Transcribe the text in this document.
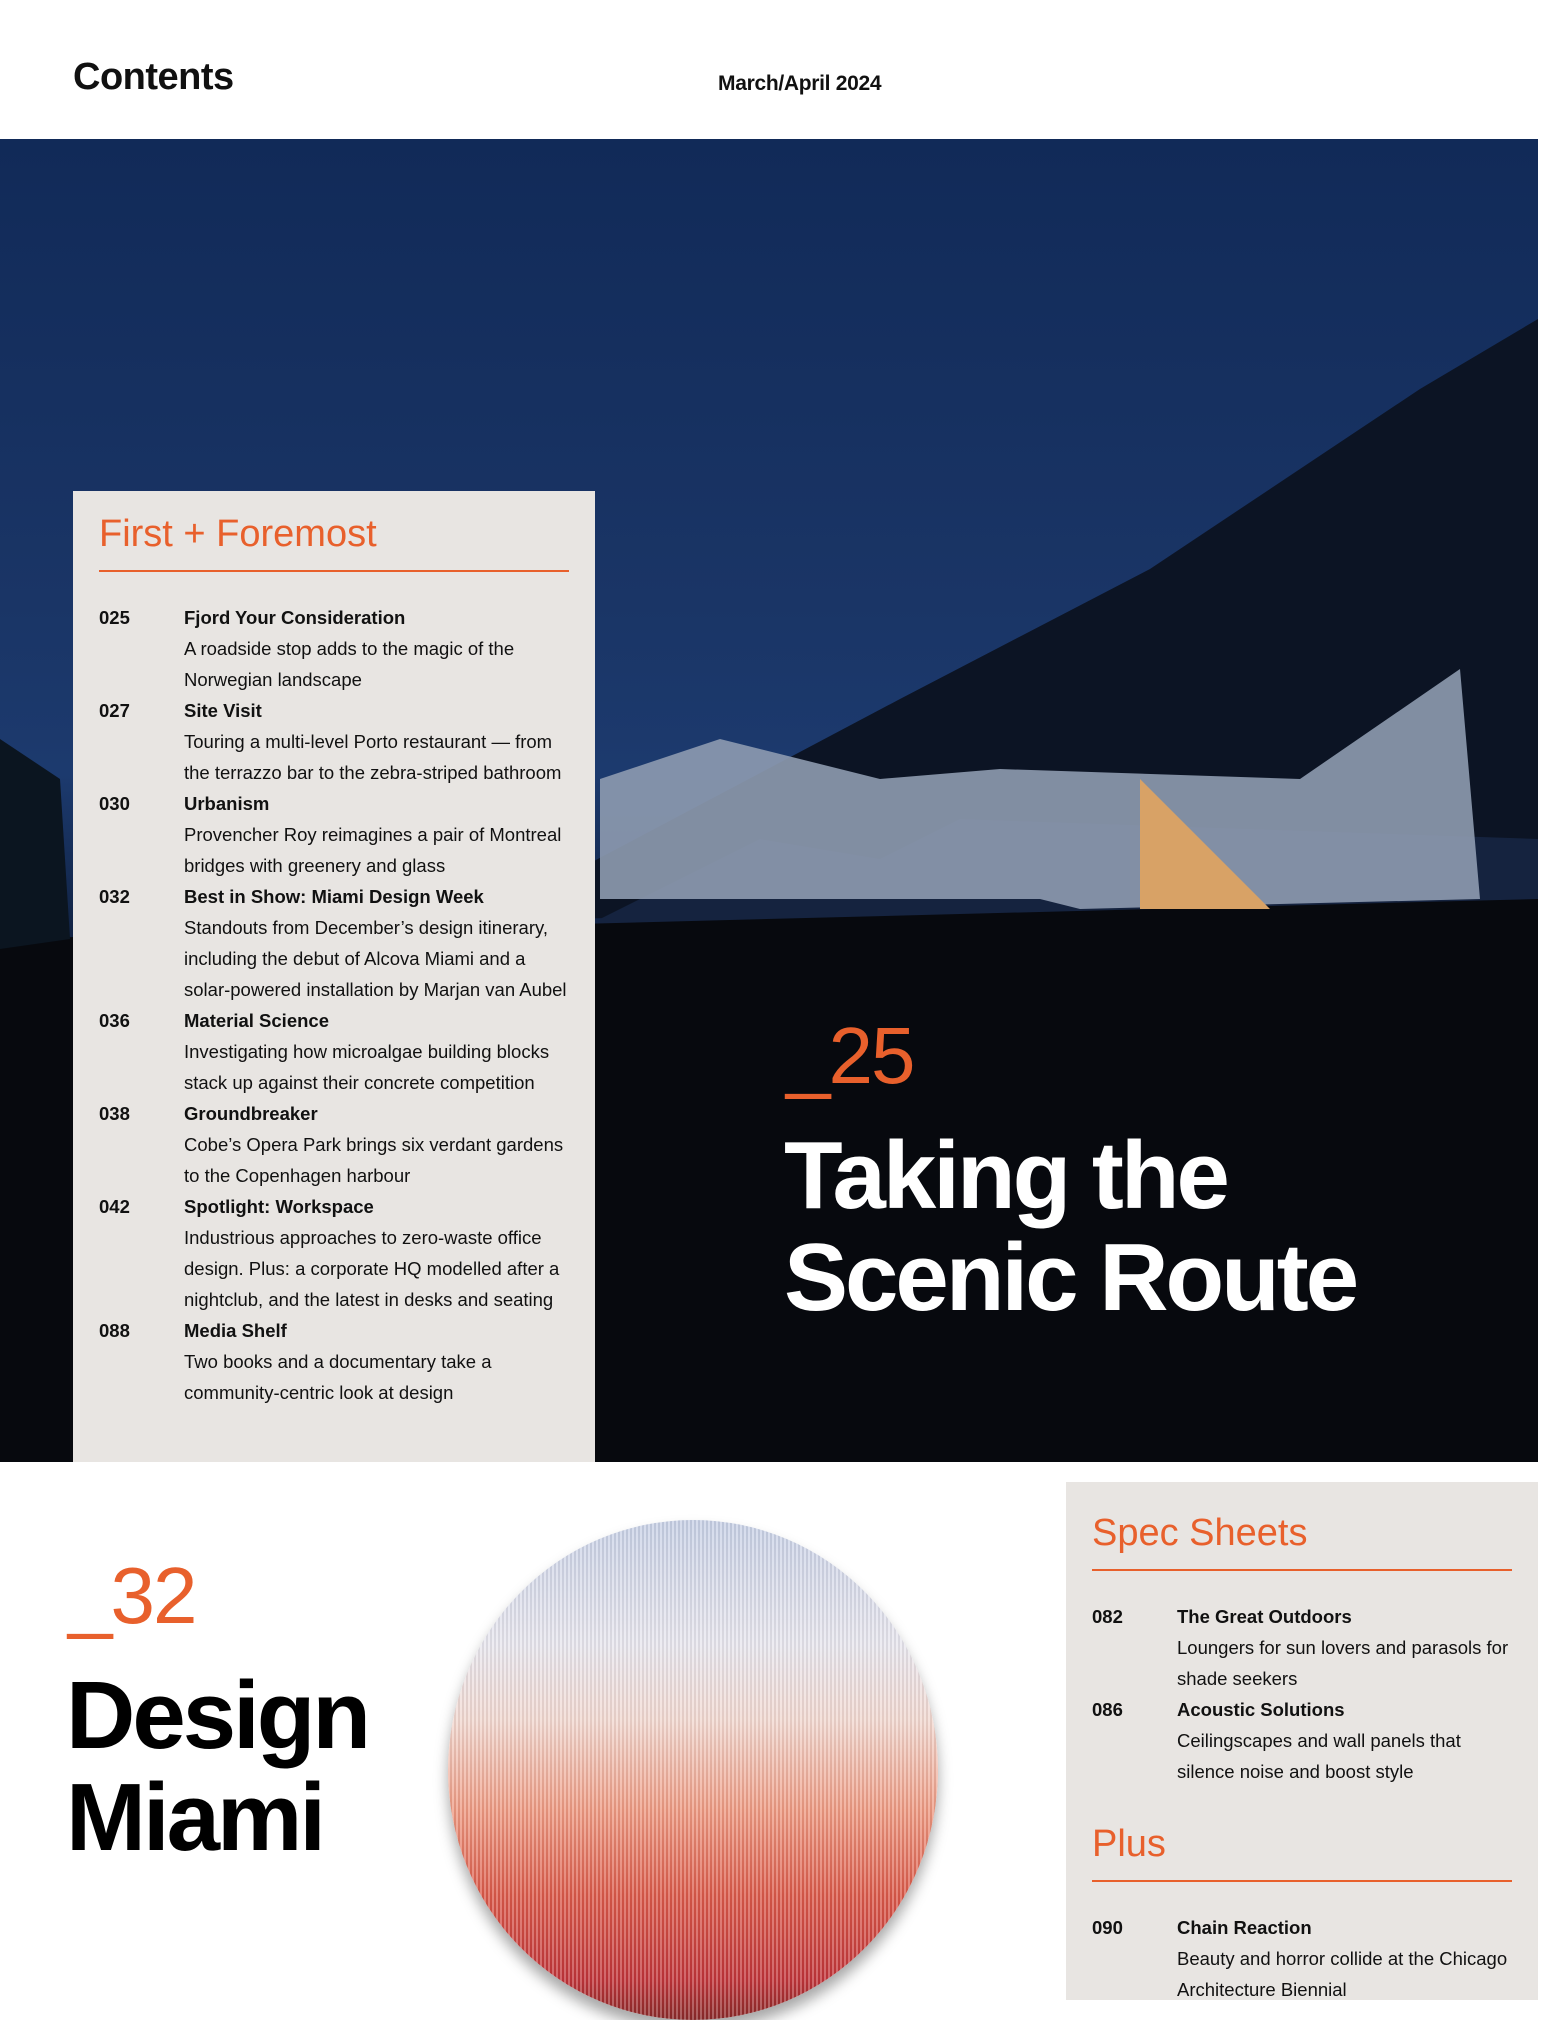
Contents	March/April 2024
First + Foremost
025	Fjord Your Consideration
A roadside stop adds to the magic of the Norwegian landscape
027	Site Visit
Touring a multi-level Porto restaurant — from the terrazzo bar to the zebra-striped bathroom
030	Urbanism
Provencher Roy reimagines a pair of Montreal bridges with greenery and glass
032	Best in Show: Miami Design Week
Standouts from December’s design itinerary, including the debut of Alcova Miami and a solar-powered installation by Marjan van Aubel
036	Material Science
Investigating how microalgae building blocks stack up against their concrete competition
038	Groundbreaker
Cobe’s Opera Park brings six verdant gardens to the Copenhagen harbour
042	Spotlight: Workspace
Industrious approaches to zero-waste office design. Plus: a corporate HQ modelled after a nightclub, and the latest in desks and seating
088	Media Shelf
Two books and a documentary take a community-centric look at design
_25
Taking the
Scenic Route
_32
Design
Miami
Spec Sheets
082	The Great Outdoors
Loungers for sun lovers and parasols for shade seekers
086	Acoustic Solutions
Ceilingscapes and wall panels that silence noise and boost style
Plus
090	Chain Reaction
Beauty and horror collide at the Chicago Architecture Biennial
